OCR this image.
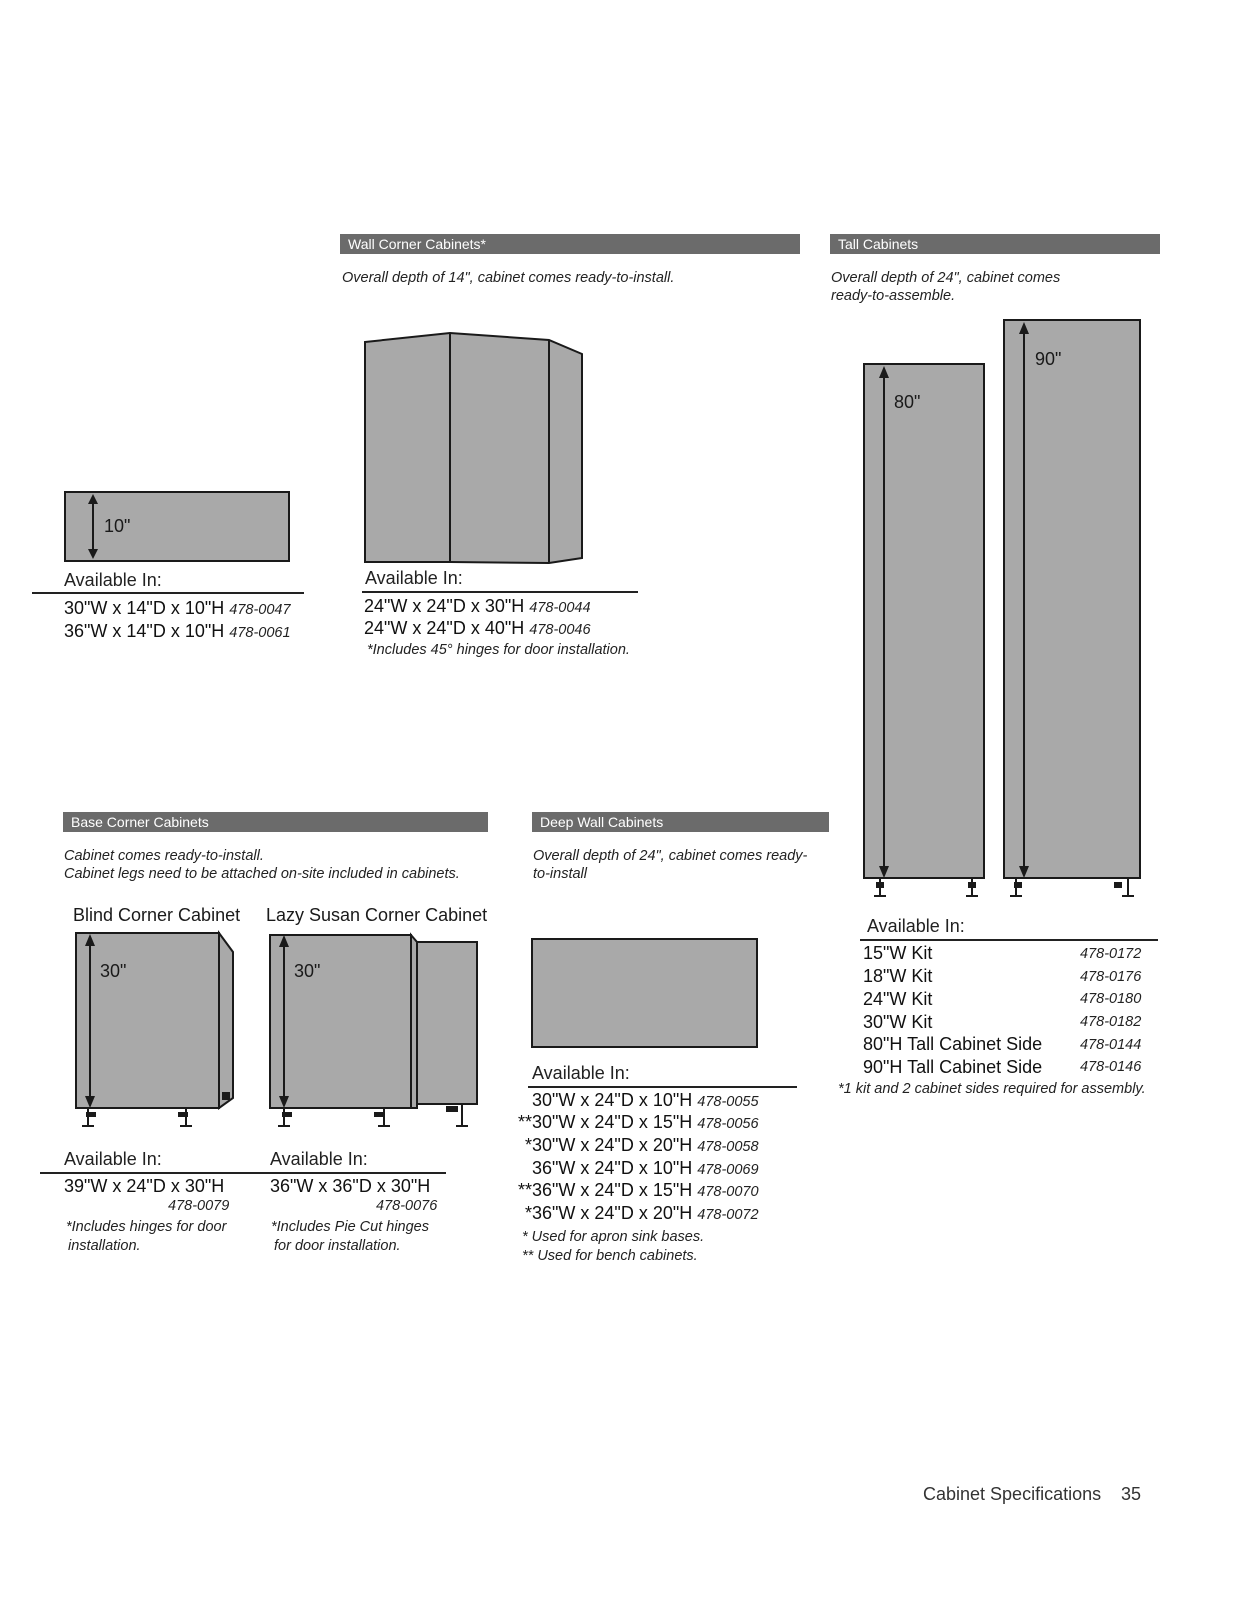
Wall Corner Cabinets*
Overall depth of 14", cabinet comes ready-to-install.
10"
Available In:
30"W x 14"D x 10"H 478-0047
36"W x 14"D x 10"H 478-0061
Available In:
24"W x 24"D x 30"H 478-0044
24"W x 24"D x 40"H 478-0046
*Includes 45° hinges for door installation.
Tall Cabinets
Overall depth of 24", cabinet comes
ready-to-assemble.
80"
90"
Available In:
15"W Kit	478-0172
18"W Kit	478-0176
24"W Kit	478-0180
30"W Kit	478-0182
80"H Tall Cabinet Side	478-0144
90"H Tall Cabinet Side	478-0146
*1 kit and 2 cabinet sides required for assembly.
Base Corner Cabinets
Cabinet comes ready-to-install.
Cabinet legs need to be attached on-site included in cabinets.
Blind Corner Cabinet Lazy Susan Corner Cabinet
30"	30"
Available In:	Available In:
39"W x 24"D x 30"H
478-0079
*Includes hinges for door
installation.
36"W x 36"D x 30"H
478-0076
*Includes Pie Cut hinges
for door installation.
Deep Wall Cabinets
Overall depth of 24", cabinet comes ready-
to-install
Available In:
30"W x 24"D x 10"H 478-0055
**30"W x 24"D x 15"H 478-0056
*30"W x 24"D x 20"H 478-0058
36"W x 24"D x 10"H 478-0069
**36"W x 24"D x 15"H 478-0070
*36"W x 24"D x 20"H 478-0072
* Used for apron sink bases.
** Used for bench cabinets.
Cabinet Specifications 35
